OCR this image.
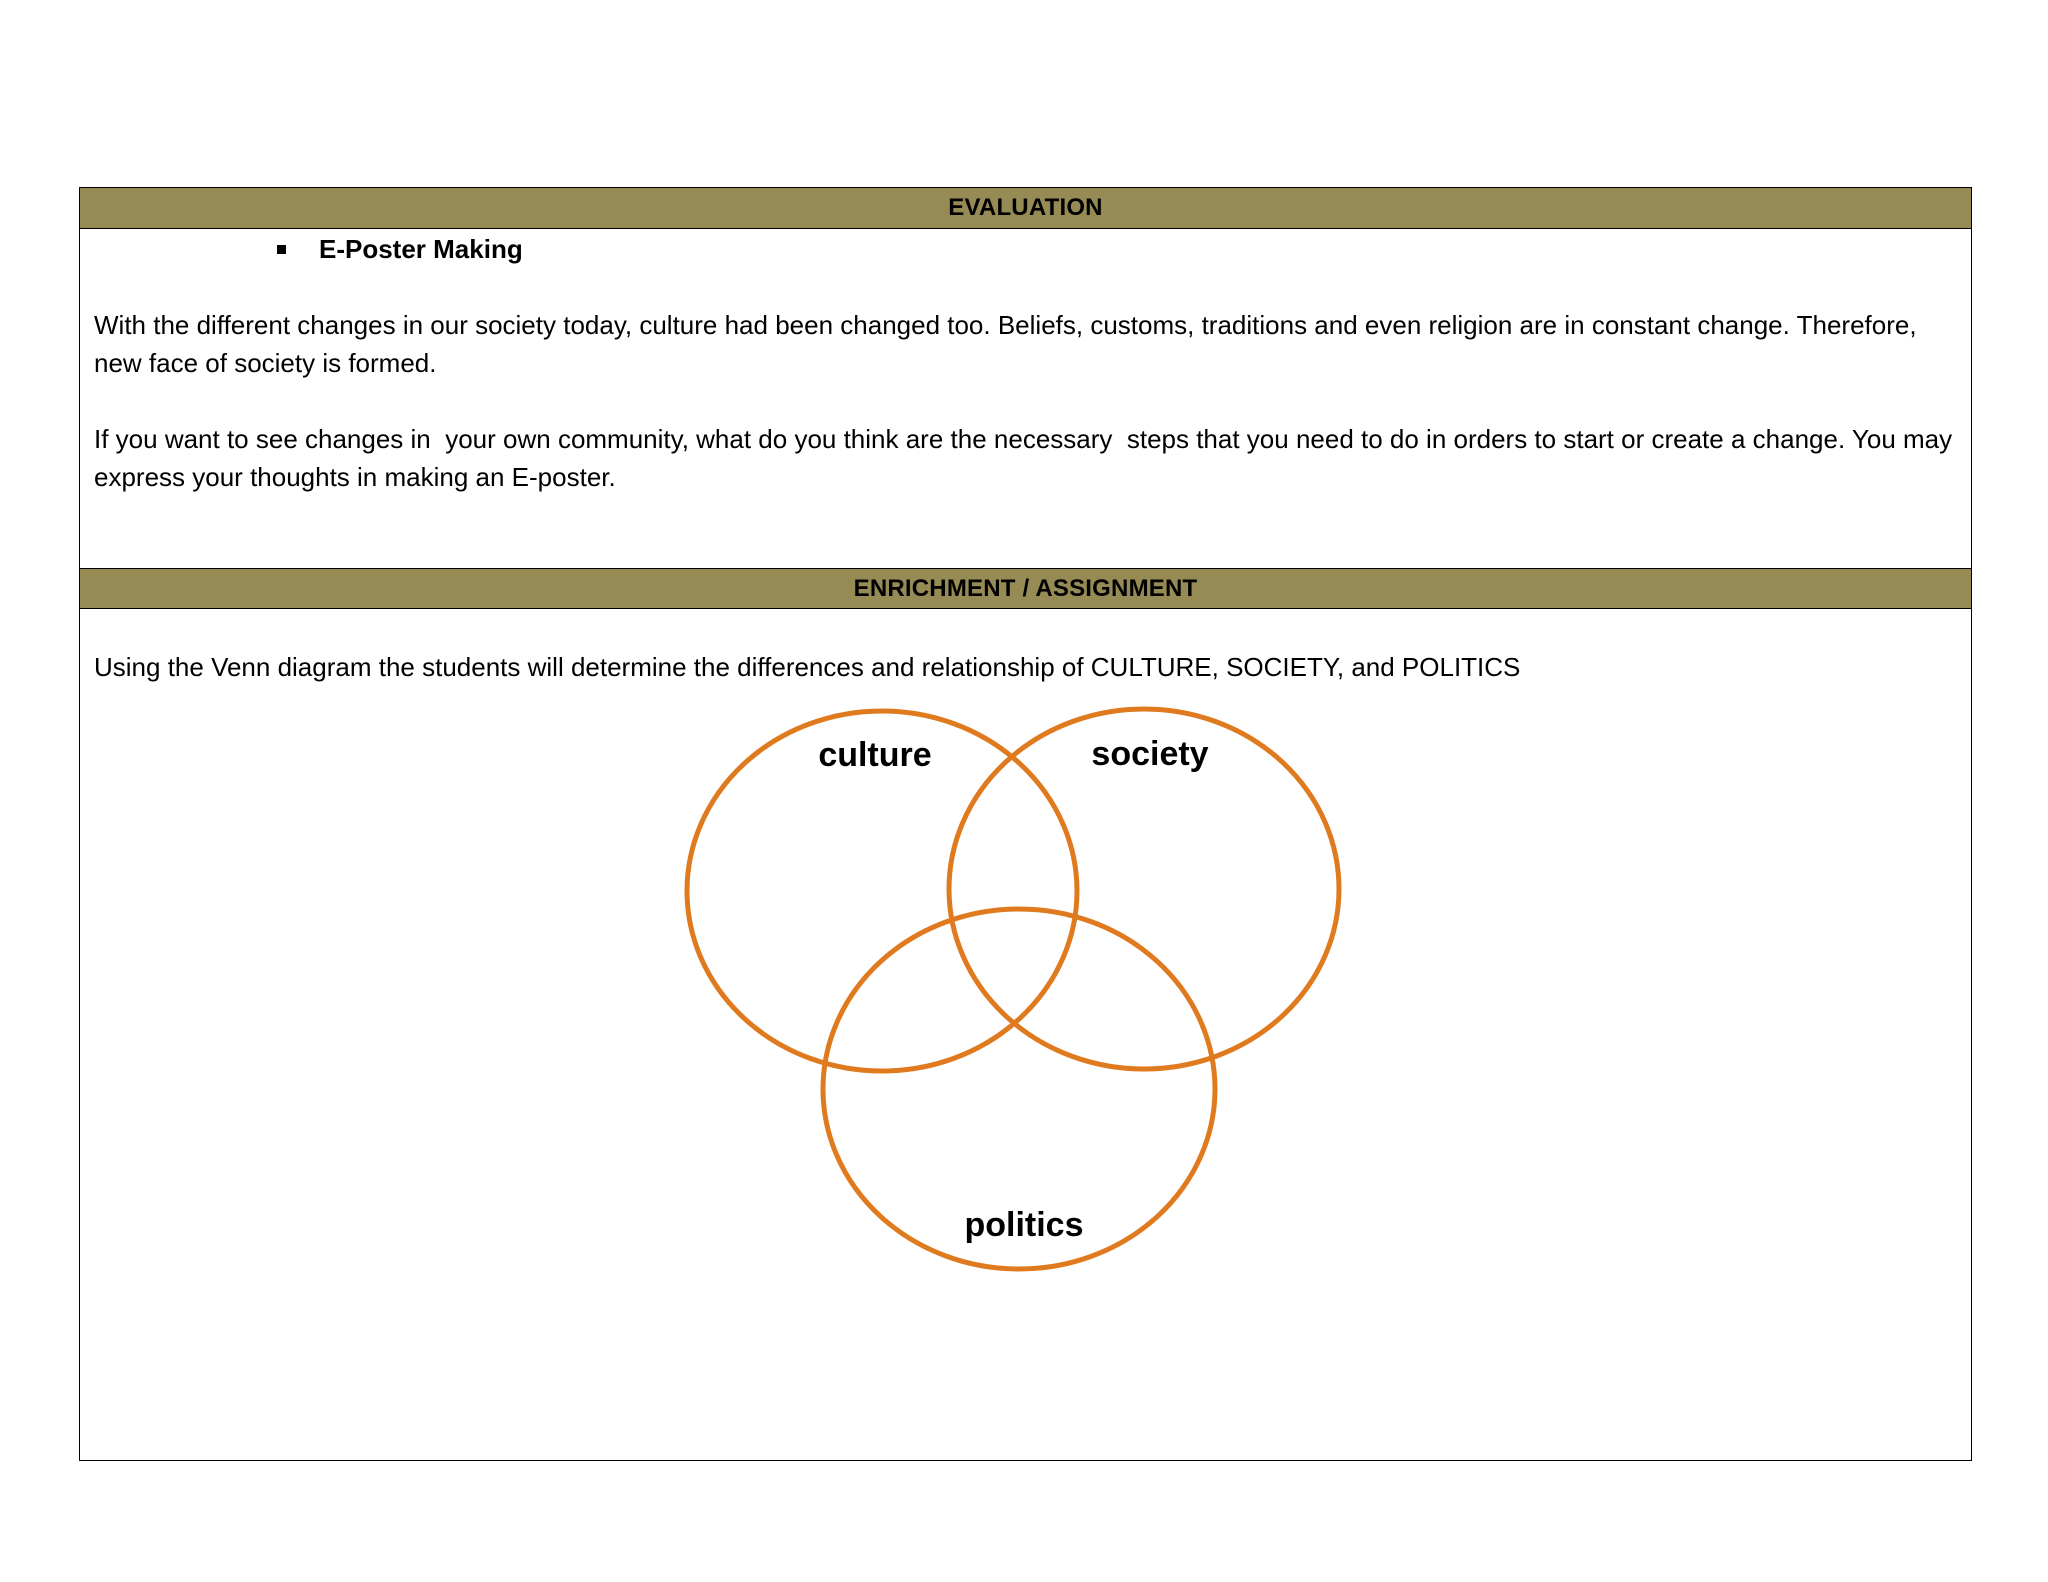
EVALUATION
E-Poster Making
With the different changes in our society today, culture had been changed too. Beliefs, customs, traditions and even religion are in constant change. Therefore, new face of society is formed.
If you want to see changes in  your own community, what do you think are the necessary  steps that you need to do in orders to start or create a change. You may express your thoughts in making an E-poster.
ENRICHMENT / ASSIGNMENT
Using the Venn diagram the students will determine the differences and relationship of CULTURE, SOCIETY, and POLITICS
culture	society
politics
